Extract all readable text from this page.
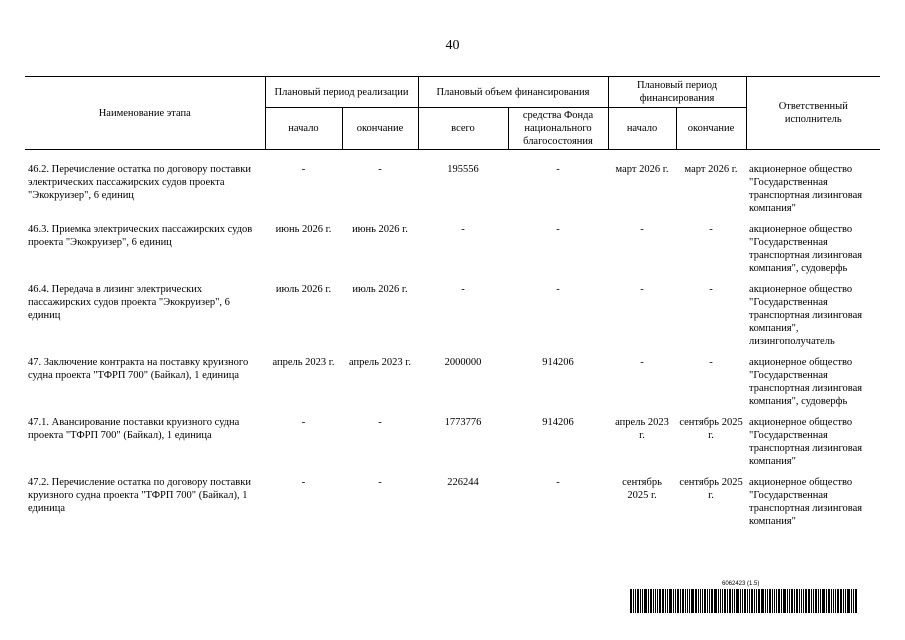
40
Наименование этапа	Плановый период реализации		Плановый объем финансирования		Плановый период финансирования		Ответственный исполнитель
	начало	окончание	всего	средства Фонда национального благосостояния	начало	окончание	
46.2. Перечисление остатка по договору поставки электрических пассажирских судов проекта "Экокруизер", 6 единиц	-	-	195556	-	март 2026 г.	март 2026 г.	акционерное общество "Государственная транспортная лизинговая компания"
46.3. Приемка электрических пассажирских судов проекта "Экокруизер", 6 единиц	июнь 2026 г.	июнь 2026 г.	-	-	-	-	акционерное общество "Государственная транспортная лизинговая компания", судоверфь
46.4. Передача в лизинг электрических пассажирских судов проекта "Экокруизер", 6 единиц	июль 2026 г.	июль 2026 г.	-	-	-	-	акционерное общество "Государственная транспортная лизинговая компания", лизингополучатель
47. Заключение контракта на поставку круизного судна проекта "ТФРП 700" (Байкал), 1 единица	апрель 2023 г.	апрель 2023 г.	2000000	914206	-	-	акционерное общество "Государственная транспортная лизинговая компания", судоверфь
47.1. Авансирование поставки круизного судна проекта "ТФРП 700" (Байкал), 1 единица	-	-	1773776	914206	апрель 2023 г.	сентябрь 2025 г.	акционерное общество "Государственная транспортная лизинговая компания"
47.2. Перечисление остатка по договору поставки круизного судна проекта "ТФРП 700" (Байкал), 1 единица	-	-	226244	-	сентябрь 2025 г.	сентябрь 2025 г.	акционерное общество "Государственная транспортная лизинговая компания"
6062423 (1.5)
